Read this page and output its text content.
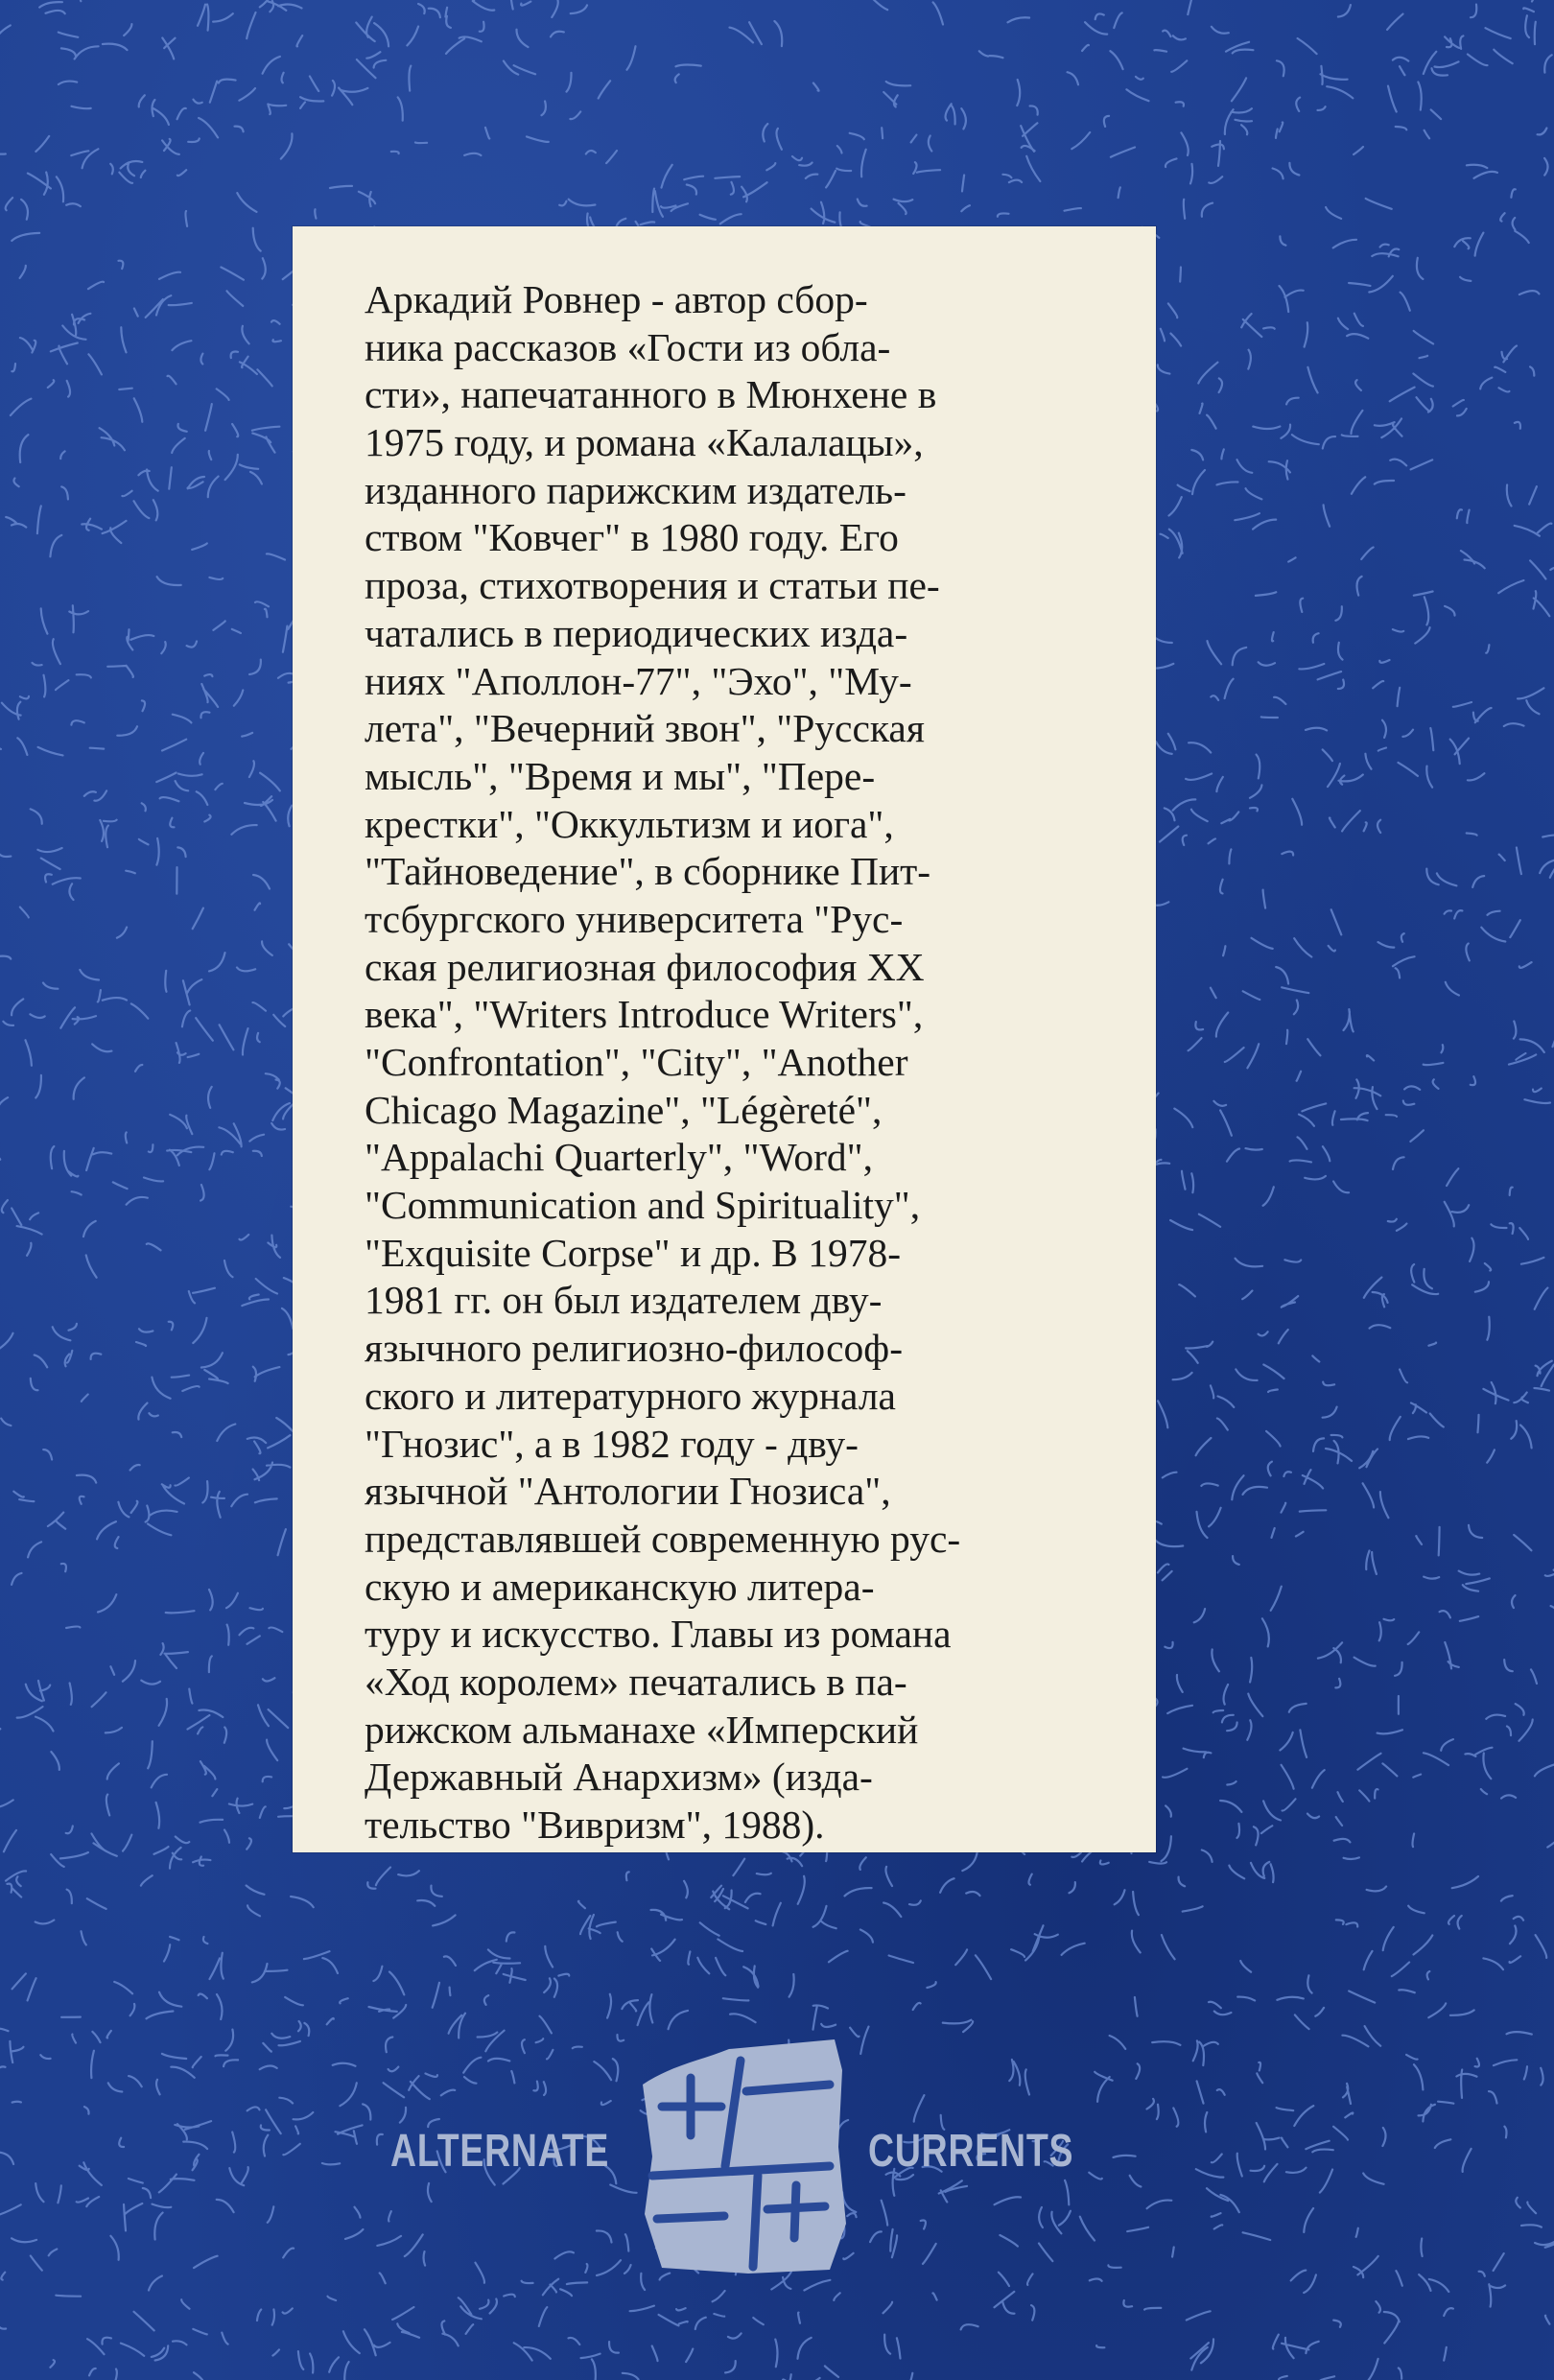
Аркадий Ровнер - автор сбор-
ника рассказов «Гости из обла-
сти», напечатанного в Мюнхене в
1975 году, и романа «Калалацы»,
изданного парижским издатель-
ством "Ковчег" в 1980 году. Его
проза, стихотворения и статьи пе-
чатались в периодических изда-
ниях "Аполлон-77", "Эхо", "Му-
лета", "Вечерний звон", "Русская
мысль", "Время и мы", "Пере-
крестки", "Оккультизм и иога",
"Тайноведение", в сборнике Пит-
тсбургского университета "Рус-
ская религиозная философия XX
века", "Writers Introduce Writers",
"Confrontation", "City", "Another
Chicago Magazine", "Légèreté",
"Appalachi Quarterly", "Word",
"Communication and Spirituality",
"Exquisite Corpse" и др. В 1978-
1981 гг. он был издателем дву-
язычного религиозно-философ-
ского и литературного журнала
"Гнозис", а в 1982 году - дву-
язычной "Антологии Гнозиса",
представлявшей современную рус-
скую и американскую литера-
туру и искусство. Главы из романа
«Ход королем» печатались в па-
рижском альманахе «Имперский
Державный Анархизм» (изда-
тельство "Вивризм", 1988).
ALTERNATE	CURRENTS
